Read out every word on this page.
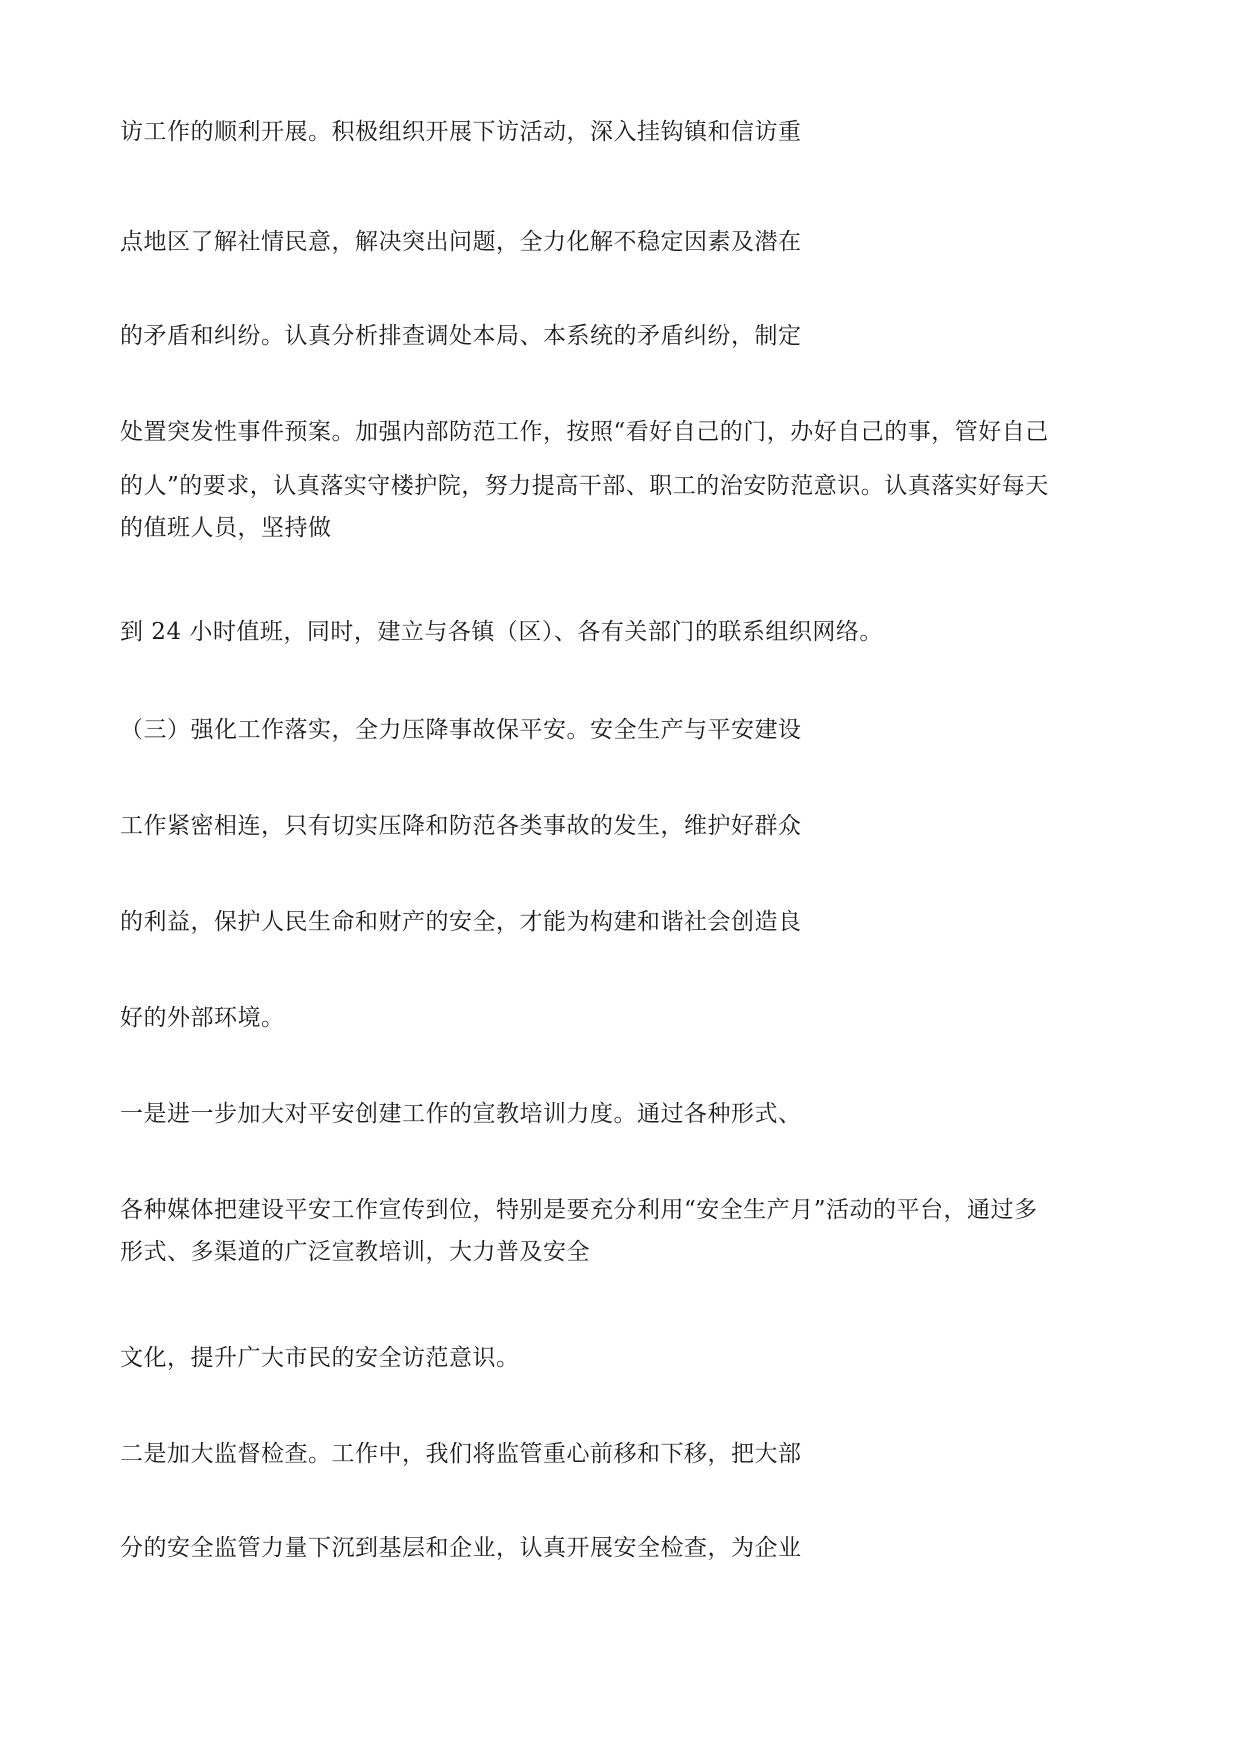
访工作的顺利开展。积极组织开展下访活动，深入挂钩镇和信访重
点地区了解社情民意，解决突出问题，全力化解不稳定因素及潜在
的矛盾和纠纷。认真分析排查调处本局、本系统的矛盾纠纷，制定
处置突发性事件预案。加强内部防范工作，按照“看好自己的门，办好自己的事，管好自己
的人”的要求，认真落实守楼护院，努力提高干部、职工的治安防范意识。认真落实好每天
的值班人员，坚持做
到 24 小时值班，同时，建立与各镇（区）、各有关部门的联系组织网络。
（三）强化工作落实，全力压降事故保平安。安全生产与平安建设
工作紧密相连，只有切实压降和防范各类事故的发生，维护好群众
的利益，保护人民生命和财产的安全，才能为构建和谐社会创造良
好的外部环境。
一是进一步加大对平安创建工作的宣教培训力度。通过各种形式、
各种媒体把建设平安工作宣传到位，特别是要充分利用“安全生产月”活动的平台，通过多
形式、多渠道的广泛宣教培训，大力普及安全
文化，提升广大市民的安全访范意识。
二是加大监督检查。工作中，我们将监管重心前移和下移，把大部
分的安全监管力量下沉到基层和企业，认真开展安全检查，为企业
